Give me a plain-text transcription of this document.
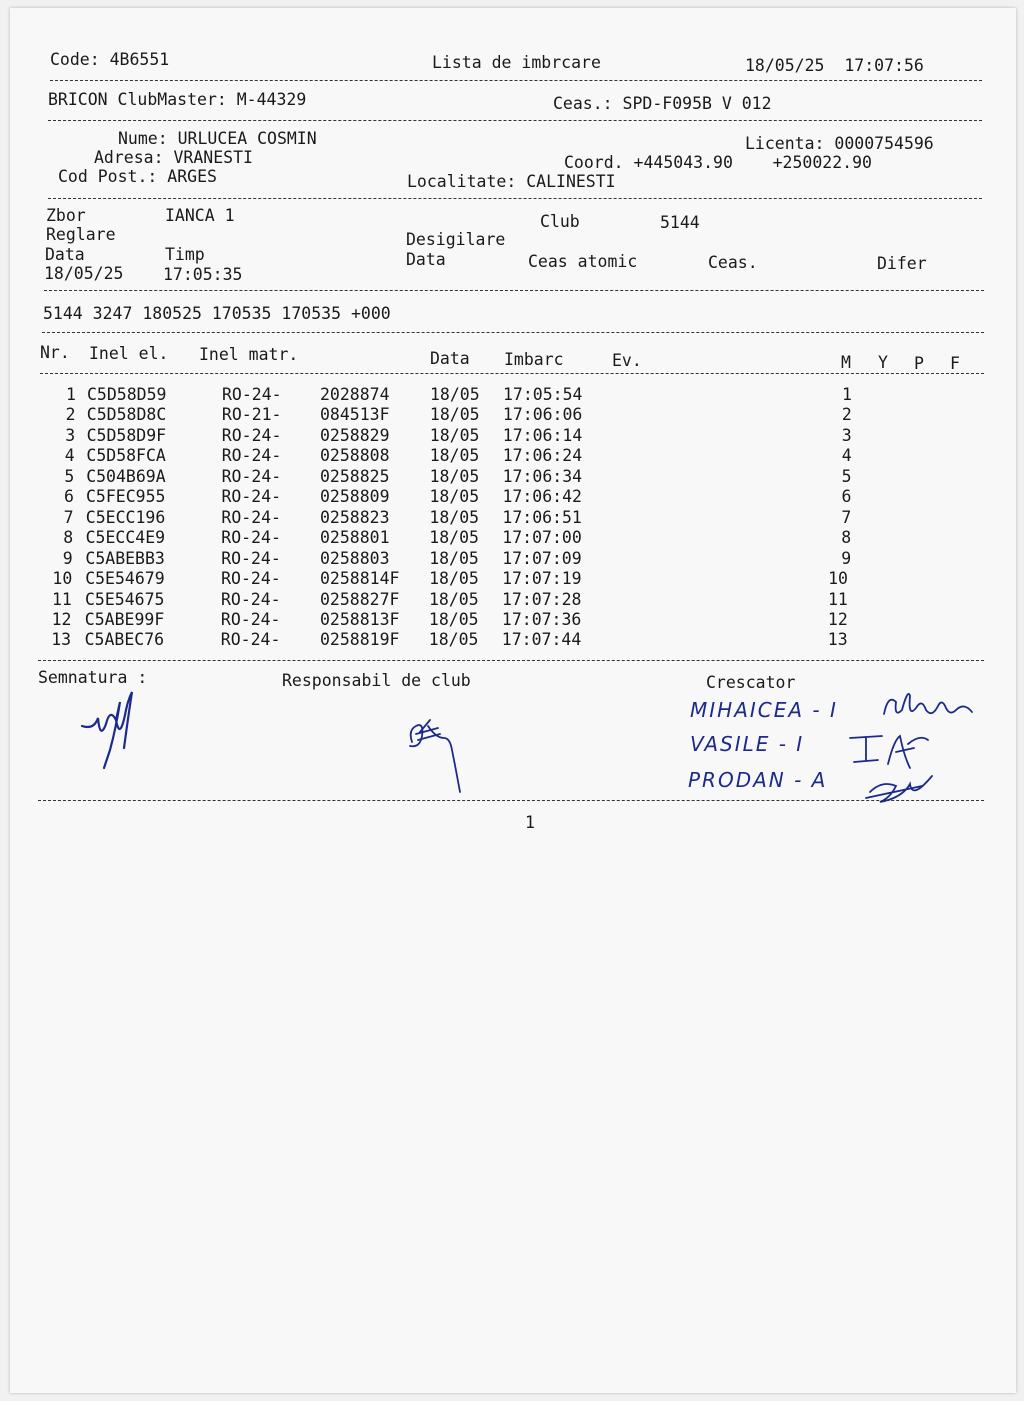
Code: 4B6551	Lista de imbrcare	18/05/25  17:07:56
BRICON ClubMaster: M-44329	Ceas.: SPD-F095B V 012
Nume: URLUCEA COSMIN
Adresa: VRANESTI
Cod Post.: ARGES
Licenta: 0000754596
Coord. +445043.90    +250022.90
Localitate: CALINESTI
Zbor	IANCA 1	Club	5144
Reglare	Desigilare
Data	Timp	Data	Ceas atomic	Ceas.	Difer
18/05/25 17:05:35
5144 3247 180525 170535 170535 +000
Nr. Inel el. Inel matr.	Data Imbarc	Ev.	M Y P F
Semnatura :	Responsabil de club	Crescator
MIHAICEA - I
VASILE - I
PRODAN - A
1
1 C5D58D59	RO-24- 2028874 18/05 17:05:54	1
2 C5D58D8C	RO-21- 084513F 18/05 17:06:06	2
3 C5D58D9F	RO-24- 0258829 18/05 17:06:14	3
4 C5D58FCA	RO-24- 0258808 18/05 17:06:24	4
5 C504B69A	RO-24- 0258825 18/05 17:06:34	5
6 C5FEC955	RO-24- 0258809 18/05 17:06:42	6
7 C5ECC196	RO-24- 0258823 18/05 17:06:51	7
8 C5ECC4E9	RO-24- 0258801 18/05 17:07:00	8
9 C5ABEBB3	RO-24- 0258803 18/05 17:07:09	9
10 C5E54679	RO-24- 0258814F 18/05 17:07:19	10
11 C5E54675	RO-24- 0258827F 18/05 17:07:28	11
12 C5ABE99F	RO-24- 0258813F 18/05 17:07:36	12
13 C5ABEC76	RO-24- 0258819F 18/05 17:07:44	13
